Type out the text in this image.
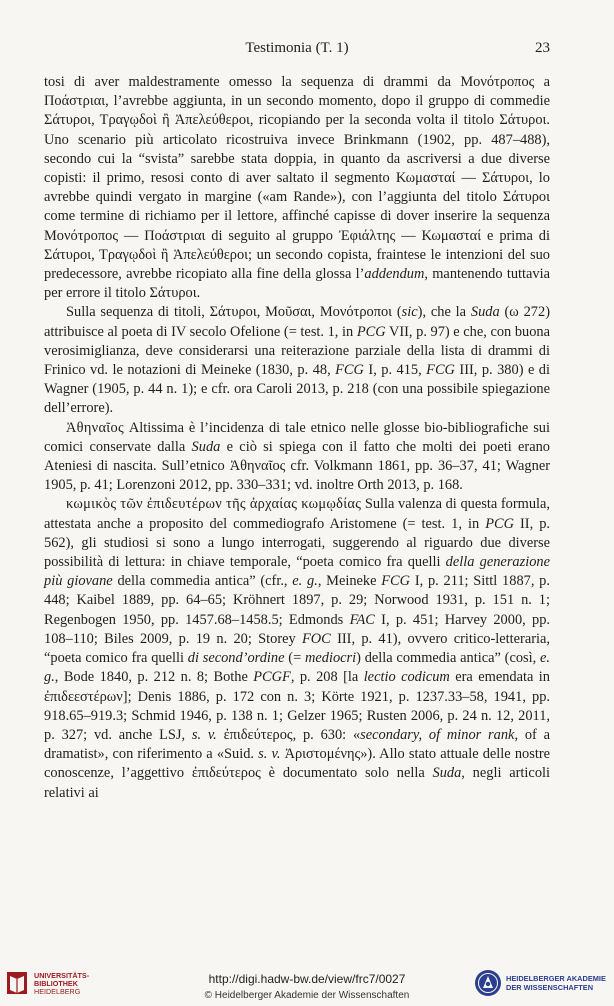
Testimonia (T. 1)	23

tosi di aver maldestramente omesso la sequenza di drammi da Μονότροπος a Ποάστριαι, l’avrebbe aggiunta, in un secondo momento, dopo il gruppo di commedie Σάτυροι, Τραγῳδοὶ ἢ Ἀπελεύθεροι, ricopiando per la seconda volta il titolo Σάτυροι. Uno scenario più articolato ricostruiva invece Brinkmann (1902, pp. 487–488), secondo cui la “svista” sarebbe stata doppia, in quanto da ascriversi a due diverse copisti: il primo, resosi conto di aver saltato il segmento Κωμασταί — Σάτυροι, lo avrebbe quindi vergato in margine («am Rande»), con l’aggiunta del titolo Σάτυροι come termine di richiamo per il lettore, affinché capisse di dover inserire la sequenza Μονότροπος — Ποάστριαι di seguito al gruppo Ἐφιάλτης — Κωμασταί e prima di Σάτυροι, Τραγῳδοὶ ἢ Ἀπελεύθεροι; un secondo copista, fraintese le intenzioni del suo predecessore, avrebbe ricopiato alla fine della glossa l’addendum, mantenendo tuttavia per errore il titolo Σάτυροι.

Sulla sequenza di titoli, Σάτυροι, Μοῦσαι, Μονότροποι (sic), che la Suda (ω 272) attribuisce al poeta di IV secolo Ofelione (= test. 1, in PCG VII, p. 97) e che, con buona verosimiglianza, deve considerarsi una reiterazione parziale della lista di drammi di Frinico vd. le notazioni di Meineke (1830, p. 48, FCG I, p. 415, FCG III, p. 380) e di Wagner (1905, p. 44 n. 1); e cfr. ora Caroli 2013, p. 218 (con una possibile spiegazione dell’errore).

Ἀθηναῖος Altissima è l’incidenza di tale etnico nelle glosse bio-bibliografiche sui comici conservate dalla Suda e ciò si spiega con il fatto che molti dei poeti erano Ateniesi di nascita. Sull’etnico Ἀθηναῖος cfr. Volkmann 1861, pp. 36–37, 41; Wagner 1905, p. 41; Lorenzoni 2012, pp. 330–331; vd. inoltre Orth 2013, p. 168.

κωμικὸς τῶν ἐπιδευτέρων τῆς ἀρχαίας κωμῳδίας Sulla valenza di questa formula, attestata anche a proposito del commediografo Aristomene (= test. 1, in PCG II, p. 562), gli studiosi si sono a lungo interrogati, suggerendo al riguardo due diverse possibilità di lettura: in chiave temporale, “poeta comico fra quelli della generazione più giovane della commedia antica” (cfr., e. g., Meineke FCG I, p. 211; Sittl 1887, p. 448; Kaibel 1889, pp. 64–65; Kröhnert 1897, p. 29; Norwood 1931, p. 151 n. 1; Regenbogen 1950, pp. 1457.68–1458.5; Edmonds FAC I, p. 451; Harvey 2000, pp. 108–110; Biles 2009, p. 19 n. 20; Storey FOC III, p. 41), ovvero critico-letteraria, “poeta comico fra quelli di second’ordine (= mediocri) della commedia antica” (così, e. g., Bode 1840, p. 212 n. 8; Bothe PCGF, p. 208 [la lectio codicum era emendata in ἐπιδεεστέρων]; Denis 1886, p. 172 con n. 3; Körte 1921, p. 1237.33–58, 1941, pp. 918.65–919.3; Schmid 1946, p. 138 n. 1; Gelzer 1965; Rusten 2006, p. 24 n. 12, 2011, p. 327; vd. anche LSJ, s. v. ἐπιδεύτερος, p. 630: «secondary, of minor rank, of a dramatist», con riferimento a «Suid. s. v. Ἀριστομένης»). Allo stato attuale delle nostre conoscenze, l’aggettivo ἐπιδεύτερος è documentato solo nella Suda, negli articoli relativi ai

UNIVERSITÄTS-
BIBLIOTHEK
HEIDELBERG
http://digi.hadw-bw.de/view/frc7/0027
© Heidelberger Akademie der Wissenschaften
HEIDELBERGER AKADEMIE
DER WISSENSCHAFTEN
